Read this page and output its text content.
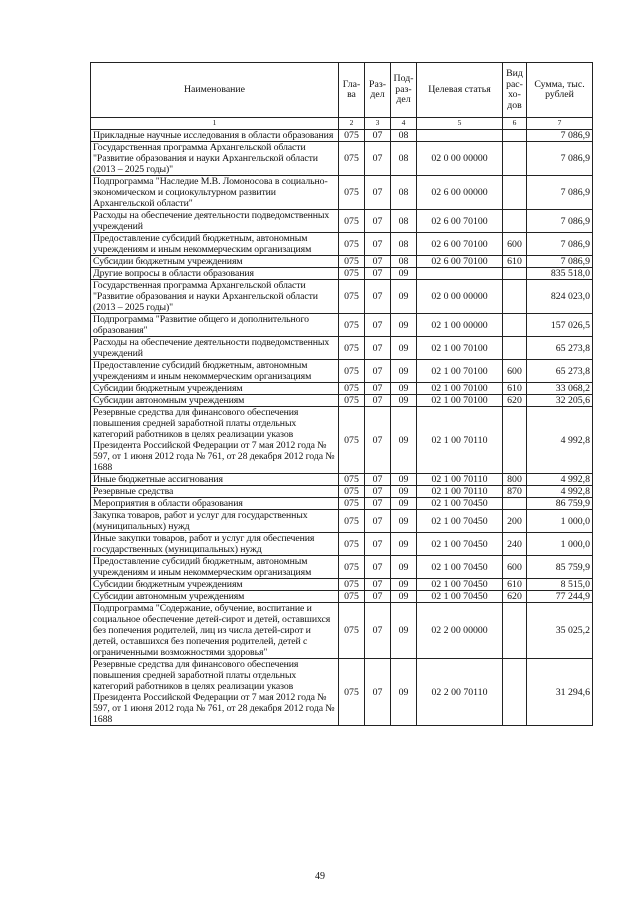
Наименование	Гла-ва	Раз-дел	Под-раз-дел	Целевая статья	Вид рас-хо-дов	Сумма, тыс. рублей
1	2	3	4	5	6	7
Прикладные научные исследования в области образования	075	07	08			7 086,9
Государственная программа Архангельской области "Развитие образования и науки Архангельской области (2013 – 2025 годы)"	075	07	08	02 0 00 00000		7 086,9
Подпрограмма "Наследие М.В. Ломоносова в социально-экономическом и социокультурном развитии Архангельской области"	075	07	08	02 6 00 00000		7 086,9
Расходы на обеспечение деятельности подведомственных учреждений	075	07	08	02 6 00 70100		7 086,9
Предоставление субсидий бюджетным, автономным учреждениям и иным некоммерческим организациям	075	07	08	02 6 00 70100	600	7 086,9
Субсидии бюджетным учреждениям	075	07	08	02 6 00 70100	610	7 086,9
Другие вопросы в области образования	075	07	09			835 518,0
Государственная программа Архангельской области "Развитие образования и науки Архангельской области (2013 – 2025 годы)"	075	07	09	02 0 00 00000		824 023,0
Подпрограмма "Развитие общего и дополнительного образования"	075	07	09	02 1 00 00000		157 026,5
Расходы на обеспечение деятельности подведомственных учреждений	075	07	09	02 1 00 70100		65 273,8
Предоставление субсидий бюджетным, автономным учреждениям и иным некоммерческим организациям	075	07	09	02 1 00 70100	600	65 273,8
Субсидии бюджетным учреждениям	075	07	09	02 1 00 70100	610	33 068,2
Субсидии автономным учреждениям	075	07	09	02 1 00 70100	620	32 205,6
Резервные средства для финансового обеспечения повышения средней заработной платы отдельных категорий работников в целях реализации указов Президента Российской Федерации от 7 мая 2012 года № 597, от 1 июня 2012 года № 761, от 28 декабря 2012 года № 1688	075	07	09	02 1 00 70110		4 992,8
Иные бюджетные ассигнования	075	07	09	02 1 00 70110	800	4 992,8
Резервные средства	075	07	09	02 1 00 70110	870	4 992,8
Мероприятия в области образования	075	07	09	02 1 00 70450		86 759,9
Закупка товаров, работ и услуг для государственных (муниципальных) нужд	075	07	09	02 1 00 70450	200	1 000,0
Иные закупки товаров, работ и услуг для обеспечения государственных (муниципальных) нужд	075	07	09	02 1 00 70450	240	1 000,0
Предоставление субсидий бюджетным, автономным учреждениям и иным некоммерческим организациям	075	07	09	02 1 00 70450	600	85 759,9
Субсидии бюджетным учреждениям	075	07	09	02 1 00 70450	610	8 515,0
Субсидии автономным учреждениям	075	07	09	02 1 00 70450	620	77 244,9
Подпрограмма "Содержание, обучение, воспитание и социальное обеспечение детей-сирот и детей, оставшихся без попечения родителей, лиц из числа детей-сирот и детей, оставшихся без попечения родителей, детей с ограниченными возможностями здоровья"	075	07	09	02 2 00 00000		35 025,2
Резервные средства для финансового обеспечения повышения средней заработной платы отдельных категорий работников в целях реализации указов Президента Российской Федерации от 7 мая 2012 года № 597, от 1 июня 2012 года № 761, от 28 декабря 2012 года № 1688	075	07	09	02 2 00 70110		31 294,6
49
